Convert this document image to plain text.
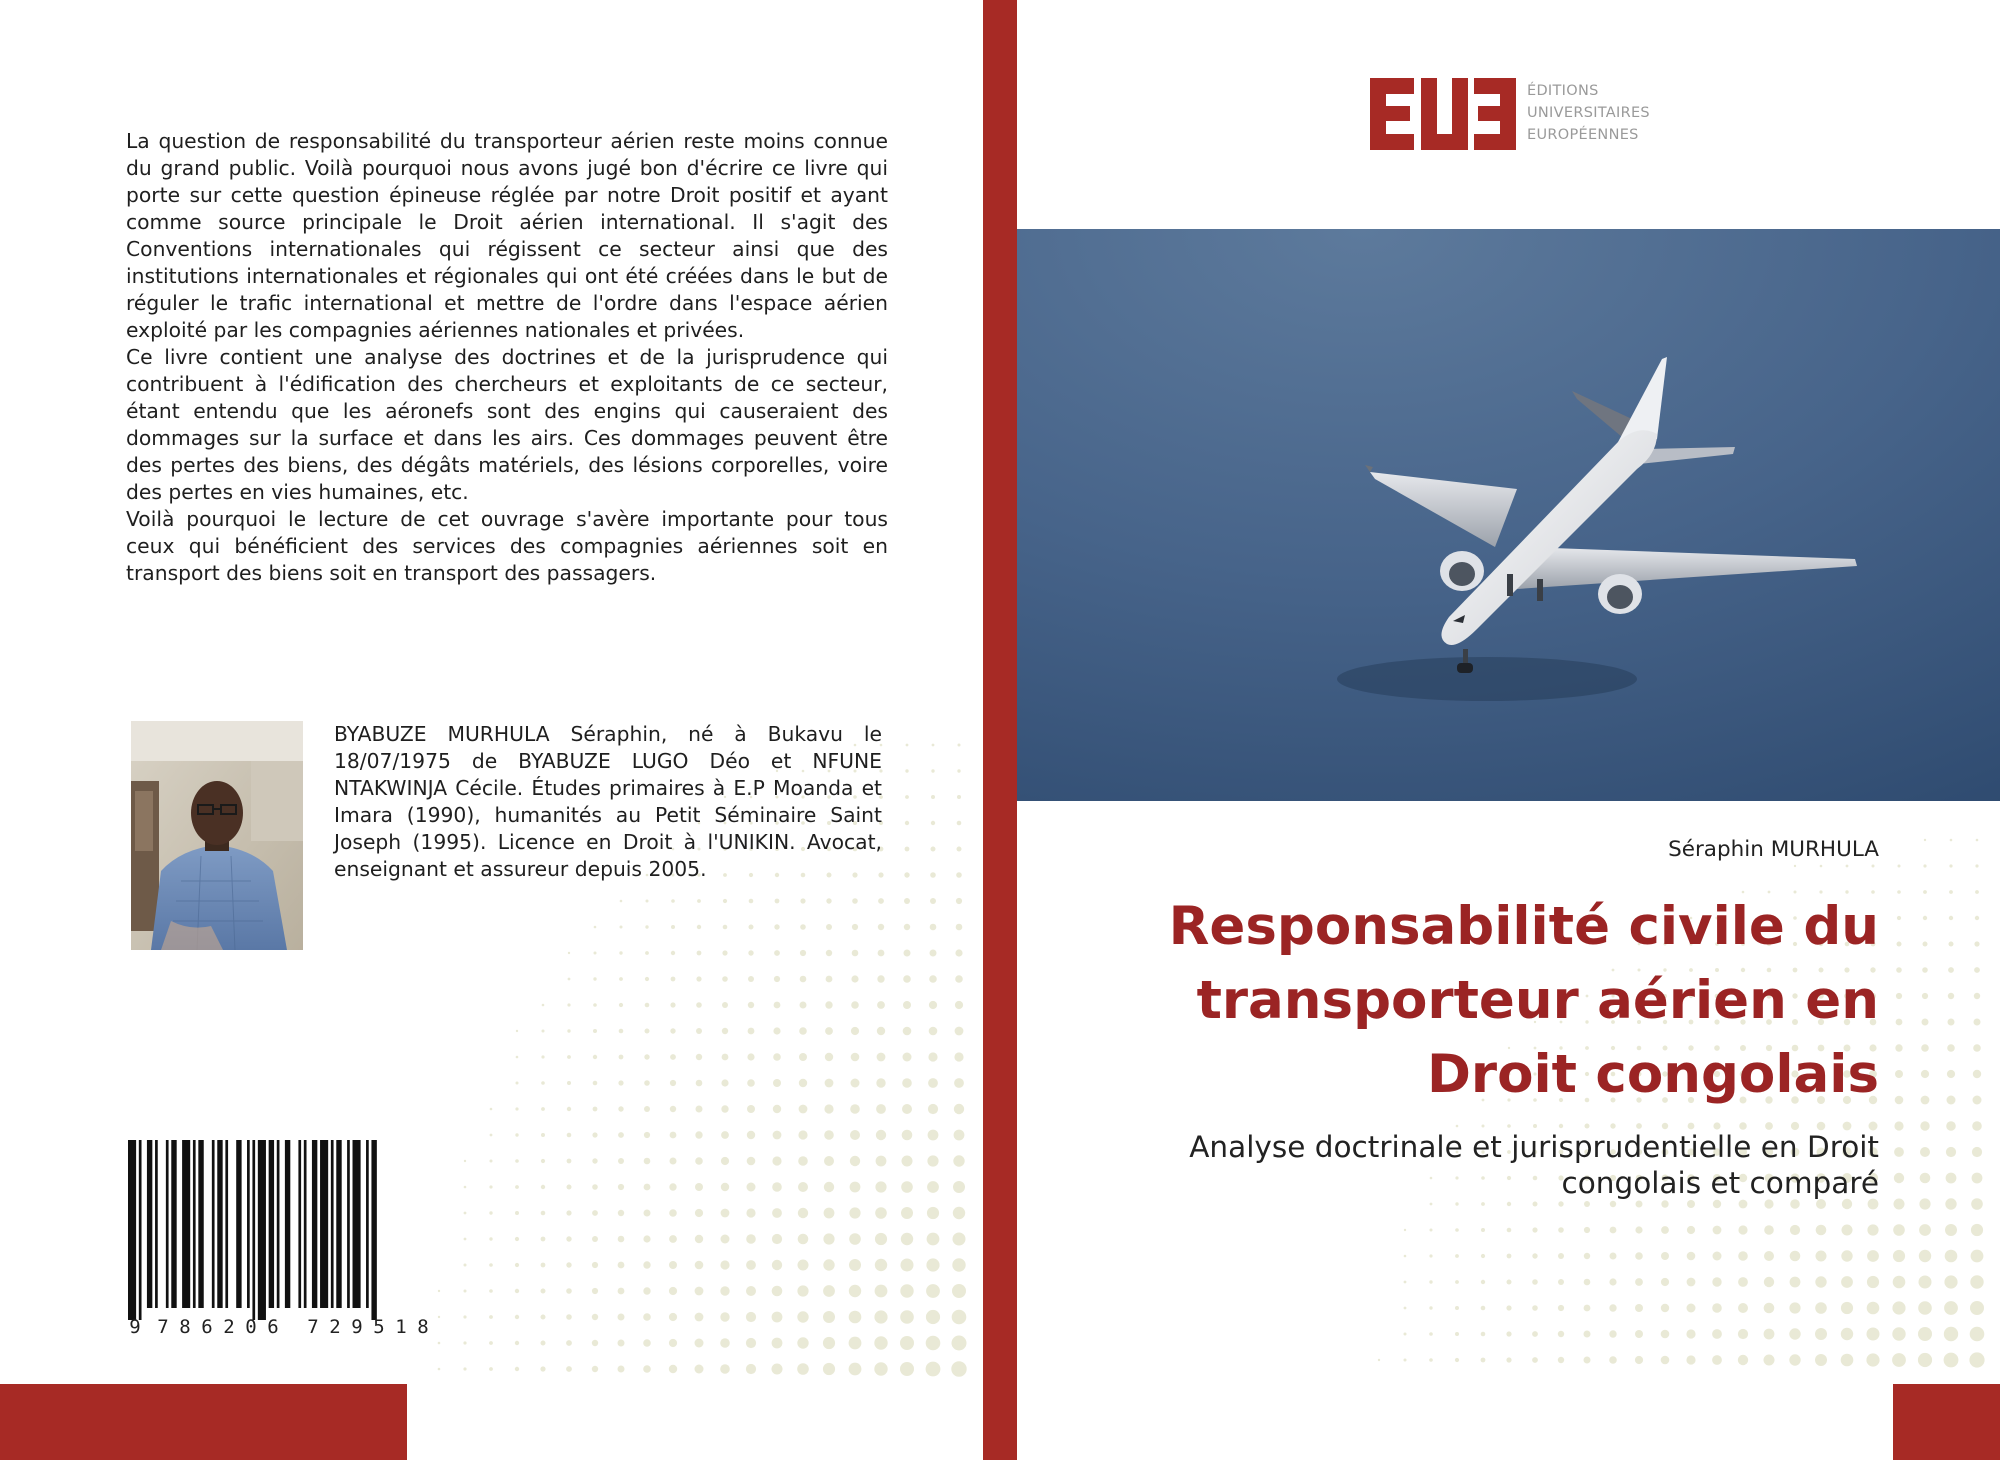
La question de responsabilité du transporteur aérien reste moins connue du grand public. Voilà pourquoi nous avons jugé bon d'écrire ce livre qui porte sur cette question épineuse réglée par notre Droit positif et ayant comme source principale le Droit aérien international. Il s'agit des Conventions internationales qui régissent ce secteur ainsi que des institutions internationales et régionales qui ont été créées dans le but de réguler le trafic international et mettre de l'ordre dans l'espace aérien exploité par les compagnies aériennes nationales et privées.

Ce livre contient une analyse des doctrines et de la jurisprudence qui contribuent à l'édification des chercheurs et exploitants de ce secteur, étant entendu que les aéronefs sont des engins qui causeraient des dommages sur la surface et dans les airs. Ces dommages peuvent être des pertes des biens, des dégâts matériels, des lésions corporelles, voire des pertes en vies humaines, etc.

Voilà pourquoi le lecture de cet ouvrage s'avère importante pour tous ceux qui bénéficient des services des compagnies aériennes soit en transport des biens soit en transport des passagers.

BYABUZE MURHULA Séraphin, né à Bukavu le 18/07/1975 de BYABUZE LUGO Déo et NFUNE NTAKWINJA Cécile. Études primaires à E.P Moanda et Imara (1990), humanités au Petit Séminaire Saint Joseph (1995). Licence en Droit à l'UNIKIN. Avocat, enseignant et assureur depuis 2005.
9 7 8 6 2 0 6 7 2 9 5 1 8
ÉDITIONS
UNIVERSITAIRES
EUROPÉENNES
Séraphin MURHULA
Responsabilité civile du
transporteur aérien en
Droit congolais
Analyse doctrinale et jurisprudentielle en Droit congolais et comparé
